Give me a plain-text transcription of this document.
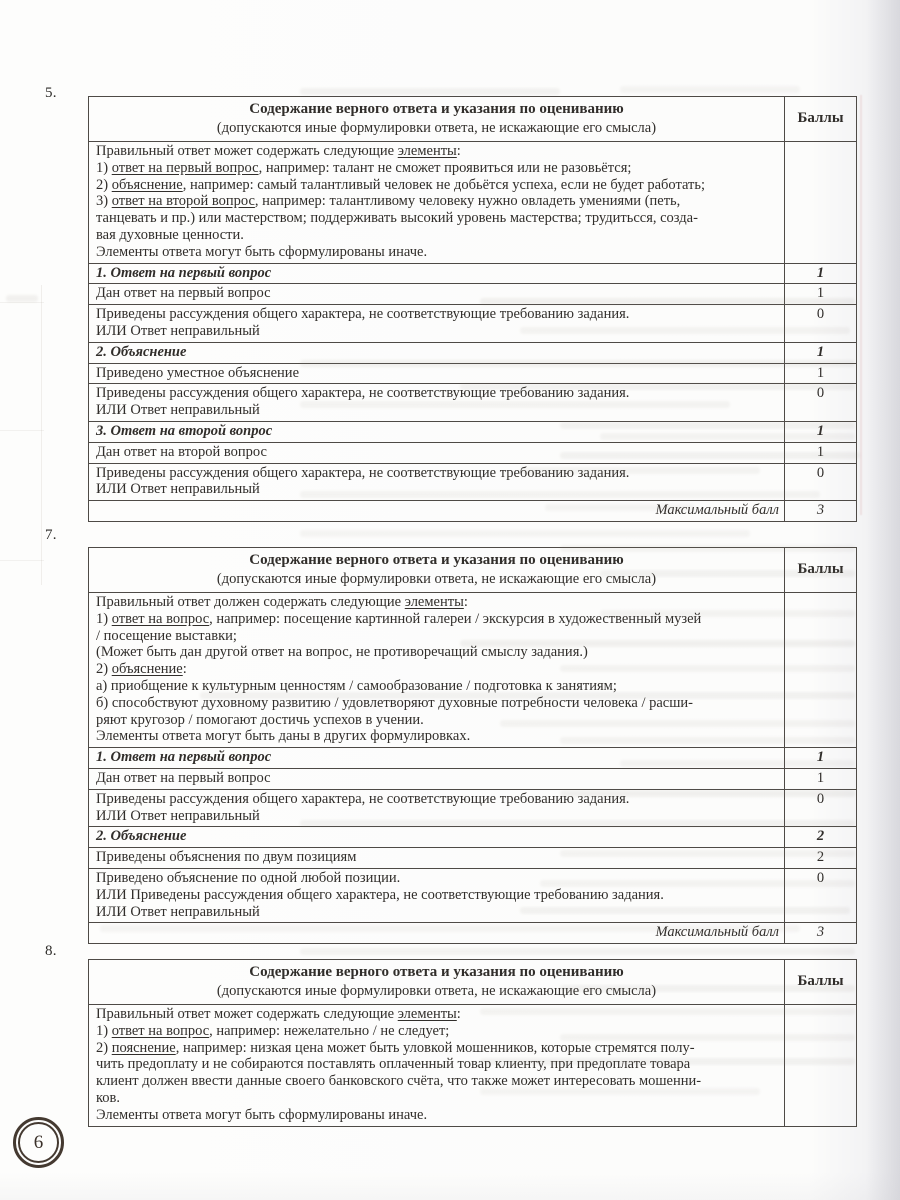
5.
Содержание верного ответа и указания по оцениванию
(допускаются иные формулировки ответа, не искажающие его смысла)	Баллы

Правильный ответ может содержать следующие элементы:
1) ответ на первый вопрос, например: талант не сможет проявиться или не разовьётся;
2) объяснение, например: самый талантливый человек не добьётся успеха, если не будет работать;
3) ответ на второй вопрос, например: талантливому человеку нужно овладеть умениями (петь,
танцевать и пр.) или мастерством; поддерживать высокий уровень мастерства; трудитьсся, созда-
вая духовные ценности.
Элементы ответа могут быть сформулированы иначе.

1. Ответ на первый вопрос	1
Дан ответ на первый вопрос	1
Приведены рассуждения общего характера, не соответствующие требованию задания.
ИЛИ Ответ неправильный	0
2. Объяснение	1
Приведено уместное объяснение	1
Приведены рассуждения общего характера, не соответствующие требованию задания.
ИЛИ Ответ неправильный	0
3. Ответ на второй вопрос	1
Дан ответ на второй вопрос	1
Приведены рассуждения общего характера, не соответствующие требованию задания.
ИЛИ Ответ неправильный	0
Максимальный балл	3
7.
Содержание верного ответа и указания по оцениванию
(допускаются иные формулировки ответа, не искажающие его смысла)	Баллы

Правильный ответ должен содержать следующие элементы:
1) ответ на вопрос, например: посещение картинной галереи / экскурсия в художественный музей
/ посещение выставки;
(Может быть дан другой ответ на вопрос, не противоречащий смыслу задания.)
2) объяснение:
а) приобщение к культурным ценностям / самообразование / подготовка к занятиям;
б) способствуют духовному развитию / удовлетворяют духовные потребности человека / расши-
ряют кругозор / помогают достичь успехов в учении.
Элементы ответа могут быть даны в других формулировках.

1. Ответ на первый вопрос	1
Дан ответ на первый вопрос	1
Приведены рассуждения общего характера, не соответствующие требованию задания.
ИЛИ Ответ неправильный	0
2. Объяснение	2
Приведены объяснения по двум позициям	2
Приведено объяснение по одной любой позиции.
ИЛИ Приведены рассуждения общего характера, не соответствующие требованию задания.
ИЛИ Ответ неправильный	0
Максимальный балл	3
8.
Содержание верного ответа и указания по оцениванию
(допускаются иные формулировки ответа, не искажающие его смысла)	Баллы

Правильный ответ может содержать следующие элементы:
1) ответ на вопрос, например: нежелательно / не следует;
2) пояснение, например: низкая цена может быть уловкой мошенников, которые стремятся полу-
чить предоплату и не собираются поставлять оплаченный товар клиенту, при предоплате товара
клиент должен ввести данные своего банковского счёта, что также может интересовать мошенни-
ков.
Элементы ответа могут быть сформулированы иначе.

6
